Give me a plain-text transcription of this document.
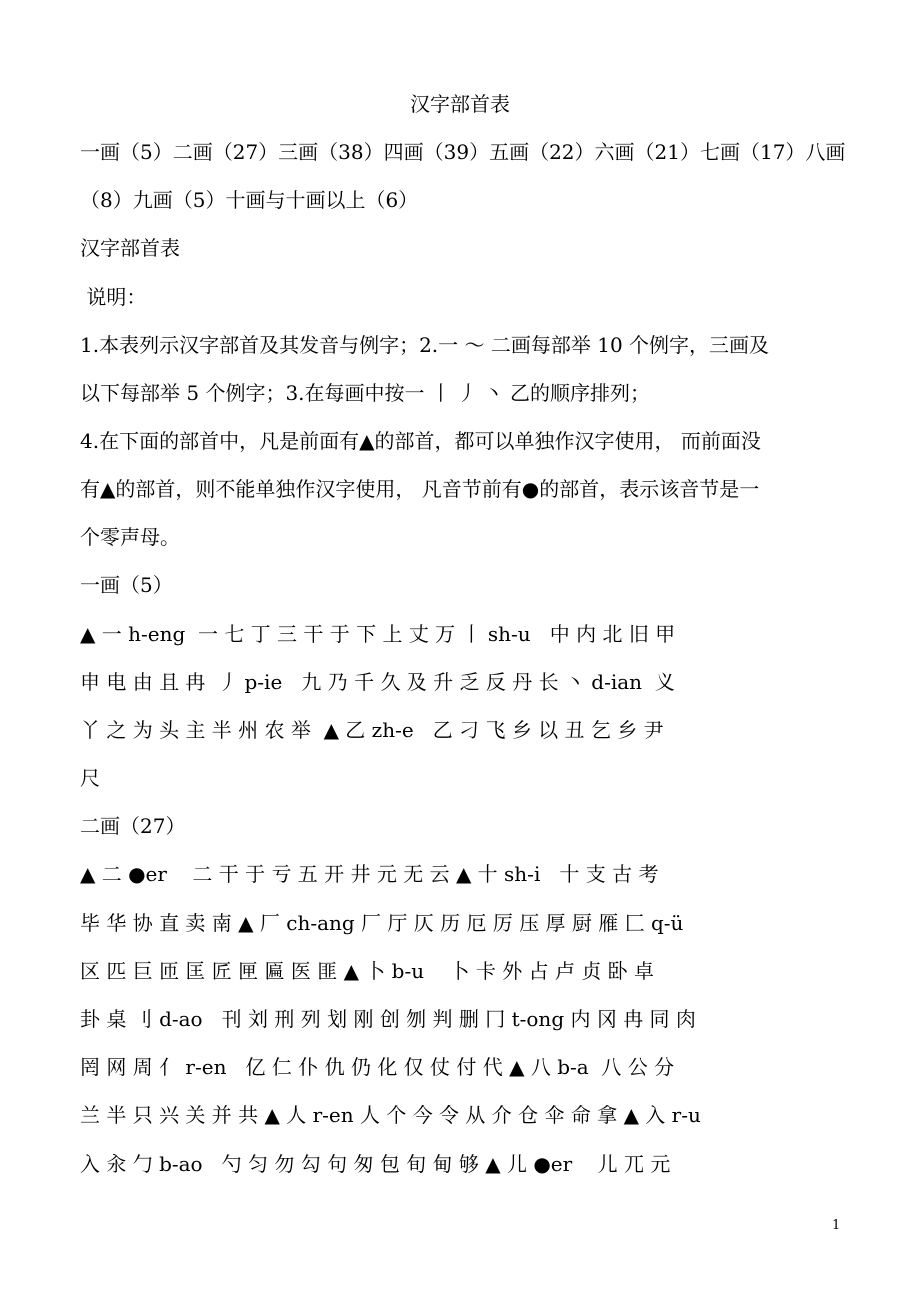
汉字部首表
一画（5）二画（27）三画（38）四画（39）五画（22）六画（21）七画（17）八画
（8）九画（5）十画与十画以上（6）
汉字部首表
说明：
1.本表列示汉字部首及其发音与例字；2.一 ～ 二画每部举 10 个例字，三画及
以下每部举 5 个例字；3.在每画中按一 丨 丿 丶 乙的顺序排列；
4.在下面的部首中，凡是前面有▲的部首，都可以单独作汉字使用， 而前面没
有▲的部首，则不能单独作汉字使用， 凡音节前有●的部首，表示该音节是一
个零声母。
一画（5）
▲ 一 h-eng  一 七 丁 三 干 于 下 上 丈 万 丨 sh-u   中 内 北 旧 甲
申 电 由 且 冉  丿 p-ie   九 乃 千 久 及 升 乏 反 丹 长 丶 d-ian  义
丫 之 为 头 主 半 州 农 举  ▲ 乙 zh-e   乙 刁 飞 乡 以 丑 乞 乡 尹
尺
二画（27）
▲ 二 ●er    二 干 于 亏 五 开 井 元 无 云 ▲ 十 sh-i   十 支 古 考
毕 华 协 直 卖 南 ▲ 厂 ch-ang 厂 厅 仄 历 厄 厉 压 厚 厨 雁 匚 q-ü
区 匹 巨 匝 匡 匠 匣 匾 医 匪 ▲ 卜 b-u    卜 卡 外 占 卢 贞 卧 卓
卦 桌 刂 d-ao   刊 刘 刑 列 划 刚 创 刎 判 删 冂 t-ong 内 冈 冉 同 肉
罔 网 周 亻 r-en   亿 仁 仆 仇 仍 化 仅 仗 付 代 ▲ 八 b-a  八 公 分
兰 半 只 兴 关 并 共 ▲ 人 r-en 人 个 今 令 从 介 仓 伞 命 拿 ▲ 入 r-u
入 汆 勹 b-ao   勺 匀 勿 勾 句 匆 包 旬 甸 够 ▲ 儿 ●er    儿 兀 元
1
